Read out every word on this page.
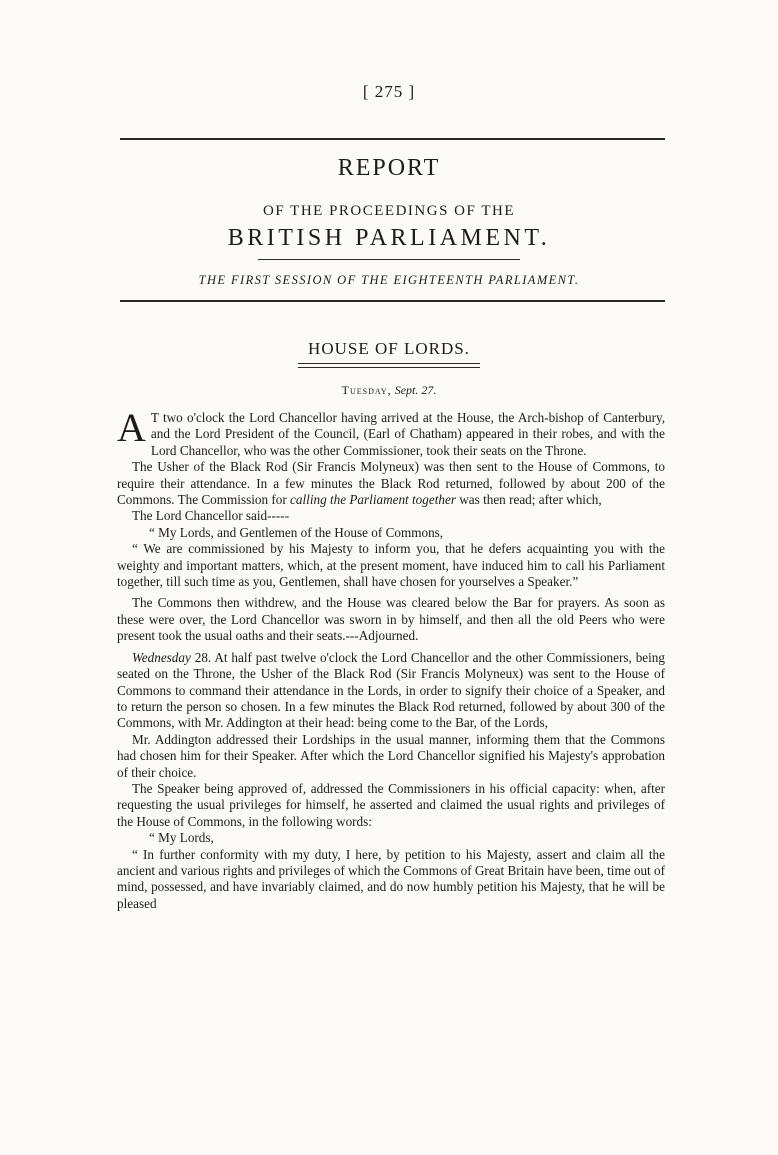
[ 275 ]
REPORT
OF THE PROCEEDINGS OF THE
BRITISH PARLIAMENT.
THE FIRST SESSION OF THE EIGHTEENTH PARLIAMENT.
HOUSE OF LORDS.
Tuesday, Sept. 27.

A T two o'clock the Lord Chancellor having arrived at the House, the Arch-bishop of Canterbury, and the Lord President of the Council, (Earl of Chatham) appeared in their robes, and with the Lord Chancellor, who was the other Commissioner, took their seats on the Throne.

The Usher of the Black Rod (Sir Francis Molyneux) was then sent to the House of Commons, to require their attendance. In a few minutes the Black Rod returned, followed by about 200 of the Commons. The Commission for calling the Parliament together was then read; after which,

The Lord Chancellor said-----

“ My Lords, and Gentlemen of the House of Commons,

“ We are commissioned by his Majesty to inform you, that he defers acquainting you with the weighty and important matters, which, at the present moment, have induced him to call his Parliament together, till such time as you, Gentlemen, shall have chosen for yourselves a Speaker.”

The Commons then withdrew, and the House was cleared below the Bar for prayers. As soon as these were over, the Lord Chancellor was sworn in by himself, and then all the old Peers who were present took the usual oaths and their seats.---Adjourned.

Wednesday 28. At half past twelve o'clock the Lord Chancellor and the other Commissioners, being seated on the Throne, the Usher of the Black Rod (Sir Francis Molyneux) was sent to the House of Commons to command their attendance in the Lords, in order to signify their choice of a Speaker, and to return the person so chosen. In a few minutes the Black Rod returned, followed by about 300 of the Commons, with Mr. Addington at their head: being come to the Bar, of the Lords,

Mr. Addington addressed their Lordships in the usual manner, informing them that the Commons had chosen him for their Speaker. After which the Lord Chancellor signified his Majesty's approbation of their choice.

The Speaker being approved of, addressed the Commissioners in his official capacity: when, after requesting the usual privileges for himself, he asserted and claimed the usual rights and privileges of the House of Commons, in the following words:

“ My Lords,

“ In further conformity with my duty, I here, by petition to his Majesty, assert and claim all the ancient and various rights and privileges of which the Commons of Great Britain have been, time out of mind, possessed, and have invariably claimed, and do now humbly petition his Majesty, that he will be pleased
